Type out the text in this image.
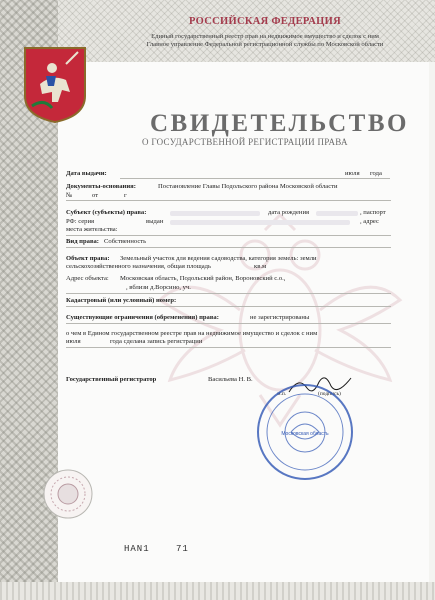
РОССИЙСКАЯ ФЕДЕРАЦИЯ
Единый государственный реестр прав на недвижимое имущество и сделок с ним
Главное управление Федеральной регистрационной службы по Московской области
СВИДЕТЕЛЬСТВО
О ГОСУДАРСТВЕННОЙ РЕГИСТРАЦИИ ПРАВА
Дата выдачи:	июля года
Документы-основания:	Постановление Главы Подольского района Московской области
№	от	г
Субъект (субъекты) права:	дата рождения	, паспорт
РФ: серия	выдан	, адрес
места жительства:
Вид права: Собственность
Объект права: Земельный участок для ведения садоводства, категория земель: земли
сельскохозяйственного назначения, общая площадь	кв.м
Адрес объекта: Московская область, Подольский район, Вороновский с.о.,
, вблизи д.Ворсино, уч.
Кадастровый (или условный) номер:
Существующие ограничения (обременения) права:	не зарегистрированы
о чем в Едином государственном реестре прав на недвижимое имущество и сделок с ним
июля	года сделана запись регистрации
Государственный регистратор	Васильева Н. В.
м.п.	(подпись)
Московская область
НАN1	71
